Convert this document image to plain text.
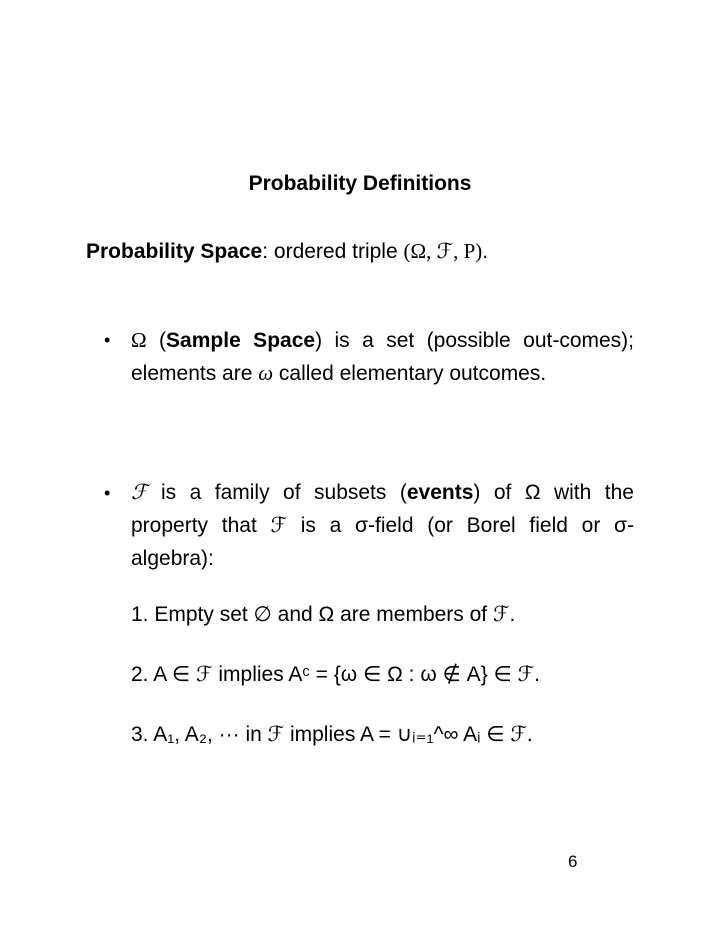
Probability Definitions
Probability Space: ordered triple (Ω, ℱ, P).
• Ω (Sample Space) is a set (possible out-comes); elements are ω called elementary outcomes.
• ℱ is a family of subsets (events) of Ω with the property that ℱ is a σ-field (or Borel field or σ-algebra):
1. Empty set ∅ and Ω are members of ℱ.
2. A ∈ ℱ implies Aᶜ = {ω ∈ Ω : ω ∉ A} ∈ ℱ.
3. A₁, A₂, ··· in ℱ implies A = ∪ᵢ₌₁^∞ Aᵢ ∈ ℱ.
6
